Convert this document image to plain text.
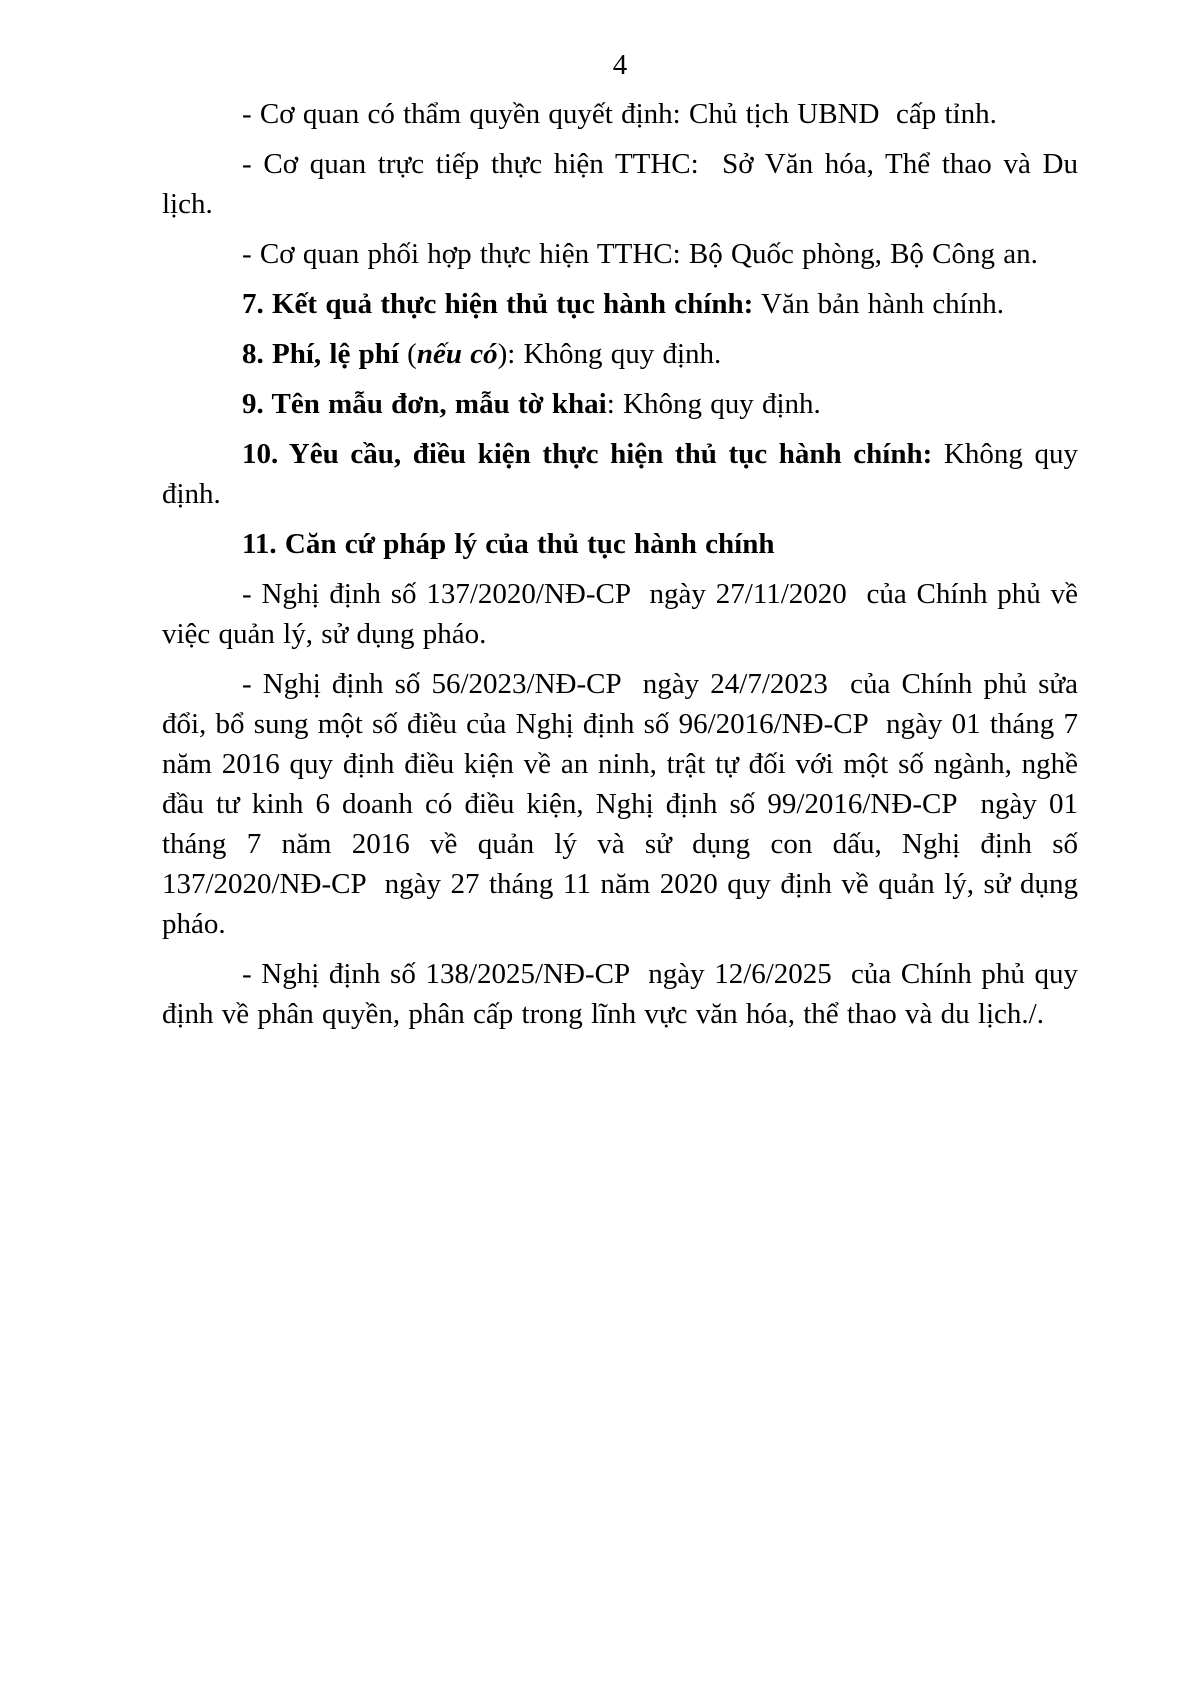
4

- Cơ quan có thẩm quyền quyết định: Chủ tịch UBND  cấp tỉnh.

- Cơ quan trực tiếp thực hiện TTHC:  Sở Văn hóa, Thể thao và Du lịch.

- Cơ quan phối hợp thực hiện TTHC: Bộ Quốc phòng, Bộ Công an.

7. Kết quả thực hiện thủ tục hành chính: Văn bản hành chính.

8. Phí, lệ phí (nếu có): Không quy định.

9. Tên mẫu đơn, mẫu tờ khai: Không quy định.

10. Yêu cầu, điều kiện thực hiện thủ tục hành chính: Không quy định.

11. Căn cứ pháp lý của thủ tục hành chính

- Nghị định số 137/2020/NĐ-CP  ngày 27/11/2020  của Chính phủ về việc quản lý, sử dụng pháo.

- Nghị định số 56/2023/NĐ-CP  ngày 24/7/2023  của Chính phủ sửa đổi, bổ sung một số điều của Nghị định số 96/2016/NĐ-CP  ngày 01 tháng 7 năm 2016 quy định điều kiện về an ninh, trật tự đối với một số ngành, nghề đầu tư kinh 6 doanh có điều kiện, Nghị định số 99/2016/NĐ-CP  ngày 01 tháng 7 năm 2016 về quản lý và sử dụng con dấu, Nghị định số 137/2020/NĐ-CP  ngày 27 tháng 11 năm 2020 quy định về quản lý, sử dụng pháo.

- Nghị định số 138/2025/NĐ-CP  ngày 12/6/2025  của Chính phủ quy định về phân quyền, phân cấp trong lĩnh vực văn hóa, thể thao và du lịch./.
